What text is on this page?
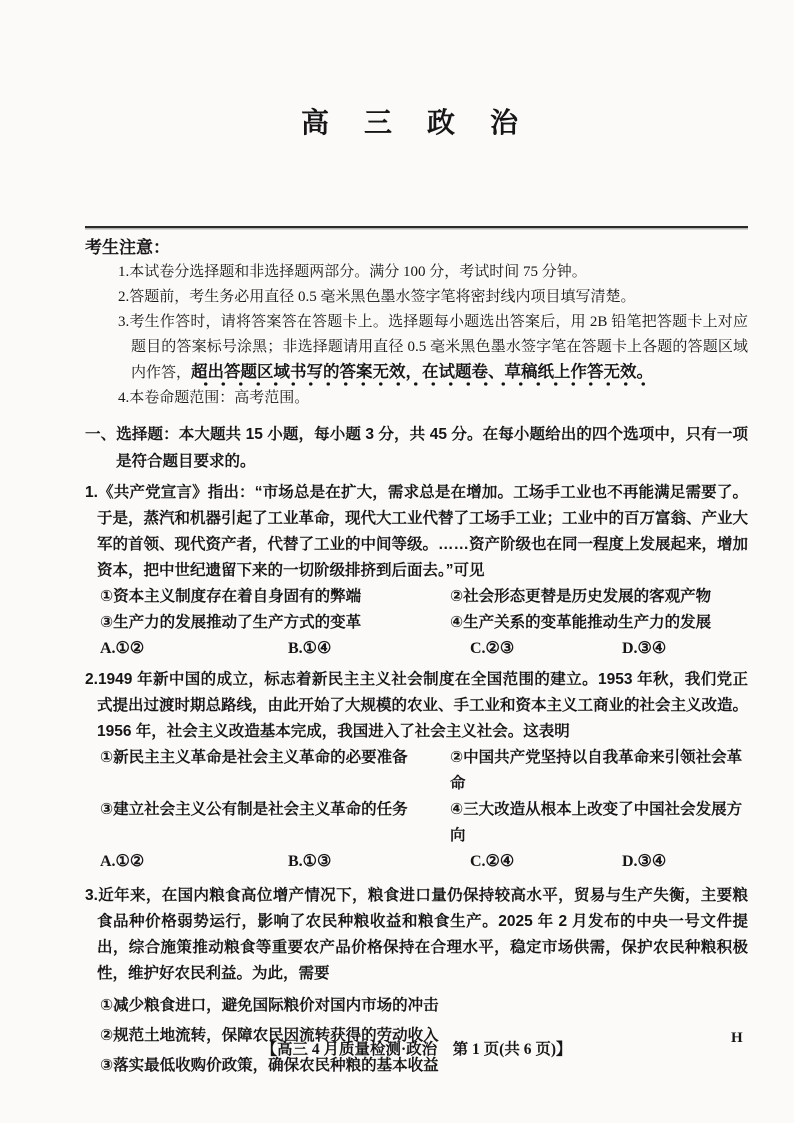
高 三 政 治
考生注意：
1.本试卷分选择题和非选择题两部分。满分 100 分，考试时间 75 分钟。
2.答题前，考生务必用直径 0.5 毫米黑色墨水签字笔将密封线内项目填写清楚。
3.考生作答时，请将答案答在答题卡上。选择题每小题选出答案后，用 2B 铅笔把答题卡上对应题目的答案标号涂黑；非选择题请用直径 0.5 毫米黑色墨水签字笔在答题卡上各题的答题区域内作答，超出答题区域书写的答案无效，在试题卷、草稿纸上作答无效。
4.本卷命题范围：高考范围。
一、选择题：本大题共 15 小题，每小题 3 分，共 45 分。在每小题给出的四个选项中，只有一项是符合题目要求的。
1.《共产党宣言》指出：“市场总是在扩大，需求总是在增加。工场手工业也不再能满足需要了。于是，蒸汽和机器引起了工业革命，现代大工业代替了工场手工业；工业中的百万富翁、产业大军的首领、现代资产者，代替了工业的中间等级。……资产阶级也在同一程度上发展起来，增加资本，把中世纪遗留下来的一切阶级排挤到后面去。”可见
①资本主义制度存在着自身固有的弊端	②社会形态更替是历史发展的客观产物
③生产力的发展推动了生产方式的变革	④生产关系的变革能推动生产力的发展
A.①②	B.①④	C.②③	D.③④
2.1949 年新中国的成立，标志着新民主主义社会制度在全国范围的建立。1953 年秋，我们党正式提出过渡时期总路线，由此开始了大规模的农业、手工业和资本主义工商业的社会主义改造。1956 年，社会主义改造基本完成，我国进入了社会主义社会。这表明
①新民主主义革命是社会主义革命的必要准备	②中国共产党坚持以自我革命来引领社会革命
③建立社会主义公有制是社会主义革命的任务	④三大改造从根本上改变了中国社会发展方向
A.①②	B.①③	C.②④	D.③④
3.近年来，在国内粮食高位增产情况下，粮食进口量仍保持较高水平，贸易与生产失衡，主要粮食品种价格弱势运行，影响了农民种粮收益和粮食生产。2025 年 2 月发布的中央一号文件提出，综合施策推动粮食等重要农产品价格保持在合理水平，稳定市场供需，保护农民种粮积极性，维护好农民利益。为此，需要
①减少粮食进口，避免国际粮价对国内市场的冲击
②规范土地流转，保障农民因流转获得的劳动收入
③落实最低收购价政策，确保农民种粮的基本收益
【高三 4 月质量检测·政治　第 1 页(共 6 页)】
H
